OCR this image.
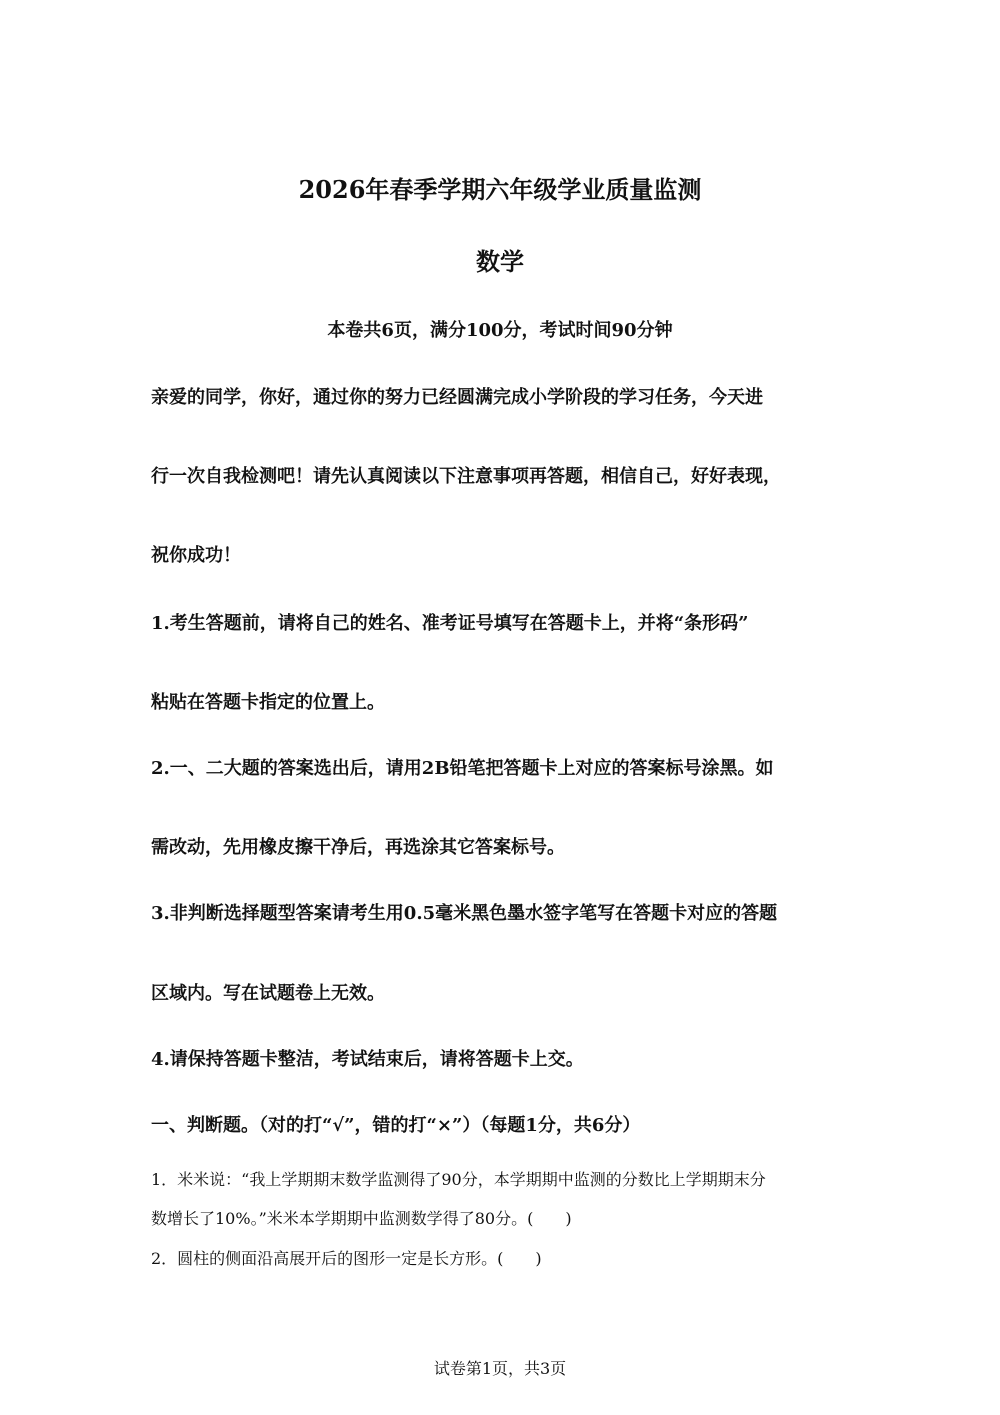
2026年春季学期六年级学业质量监测
数学
本卷共6页，满分100分，考试时间90分钟
亲爱的同学，你好，通过你的努力已经圆满完成小学阶段的学习任务，今天进
行一次自我检测吧！请先认真阅读以下注意事项再答题，相信自己，好好表现，
祝你成功！
1.考生答题前，请将自己的姓名、准考证号填写在答题卡上，并将“条形码”
粘贴在答题卡指定的位置上。
2.一、二大题的答案选出后，请用2B铅笔把答题卡上对应的答案标号涂黑。如
需改动，先用橡皮擦干净后，再选涂其它答案标号。
3.非判断选择题型答案请考生用0.5毫米黑色墨水签字笔写在答题卡对应的答题
区域内。写在试题卷上无效。
4.请保持答题卡整洁，考试结束后，请将答题卡上交。
一、判断题。（对的打“√”，错的打“×”）（每题1分，共6分）
1．米米说：“我上学期期末数学监测得了90分，本学期期中监测的分数比上学期期末分
数增长了10%。”米米本学期期中监测数学得了80分。(　　)
2．圆柱的侧面沿高展开后的图形一定是长方形。(　　)
试卷第1页，共3页
